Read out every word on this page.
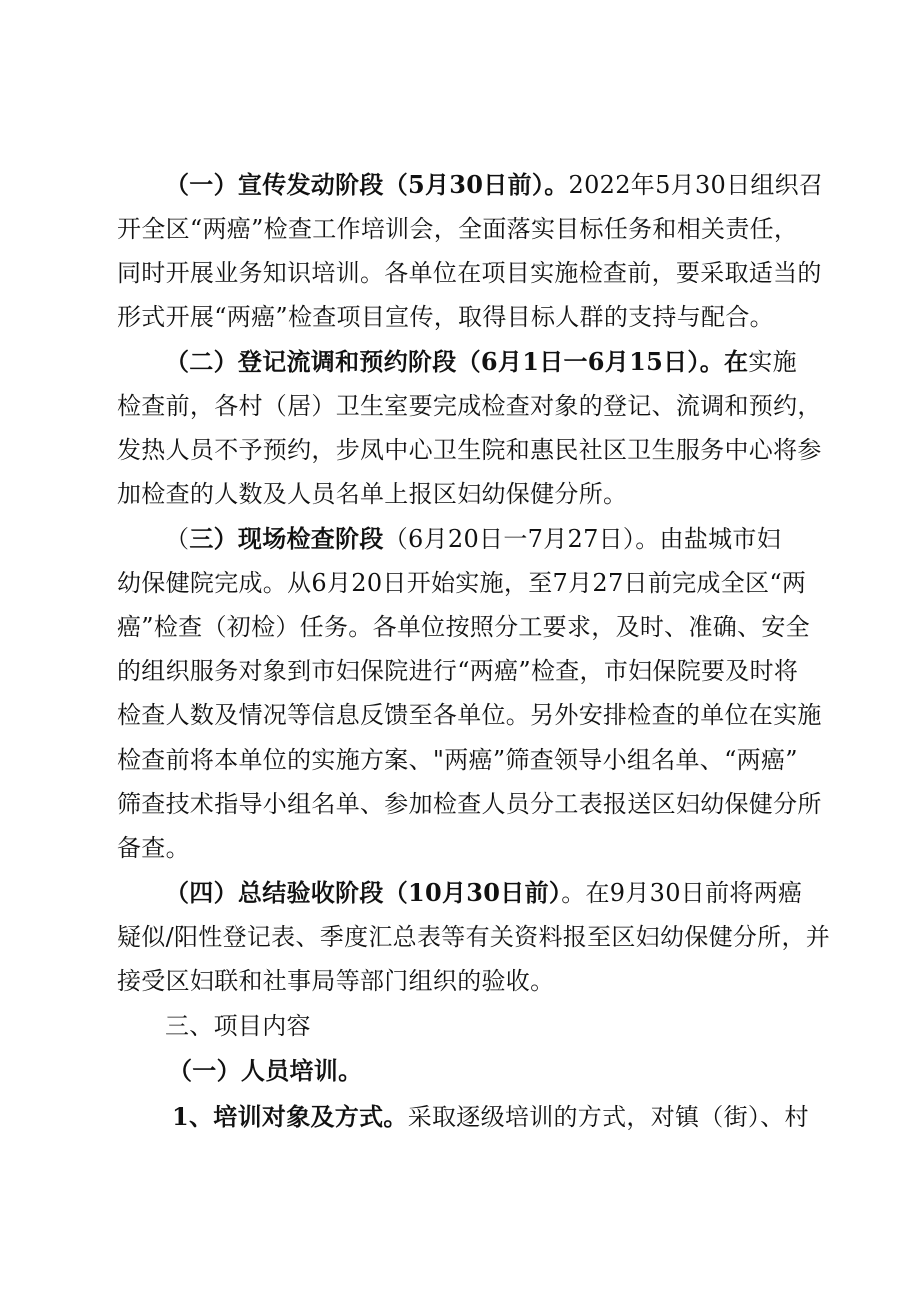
（一）宣传发动阶段（5月30日前）。2022年5月30日组织召
开全区“两癌”检查工作培训会，全面落实目标任务和相关责任，
同时开展业务知识培训。各单位在项目实施检查前，要采取适当的
形式开展“两癌”检查项目宣传，取得目标人群的支持与配合。
（二）登记流调和预约阶段（6月1日一6月15日）。在实施
检查前，各村（居）卫生室要完成检查对象的登记、流调和预约，
发热人员不予预约，步凤中心卫生院和惠民社区卫生服务中心将参
加检查的人数及人员名单上报区妇幼保健分所。
（三）现场检查阶段（6月20日一7月27日）。由盐城市妇
幼保健院完成。从6月20日开始实施，至7月27日前完成全区“两
癌”检查（初检）任务。各单位按照分工要求，及时、准确、安全
的组织服务对象到市妇保院进行“两癌”检查，市妇保院要及时将
检查人数及情况等信息反馈至各单位。另外安排检查的单位在实施
检查前将本单位的实施方案、"两癌”筛查领导小组名单、“两癌”
筛查技术指导小组名单、参加检查人员分工表报送区妇幼保健分所
备查。
（四）总结验收阶段（10月30日前）。在9月30日前将两癌
疑似/阳性登记表、季度汇总表等有关资料报至区妇幼保健分所，并
接受区妇联和社事局等部门组织的验收。
三、项目内容
（一）人员培训。
1、培训对象及方式。采取逐级培训的方式，对镇（街）、村
